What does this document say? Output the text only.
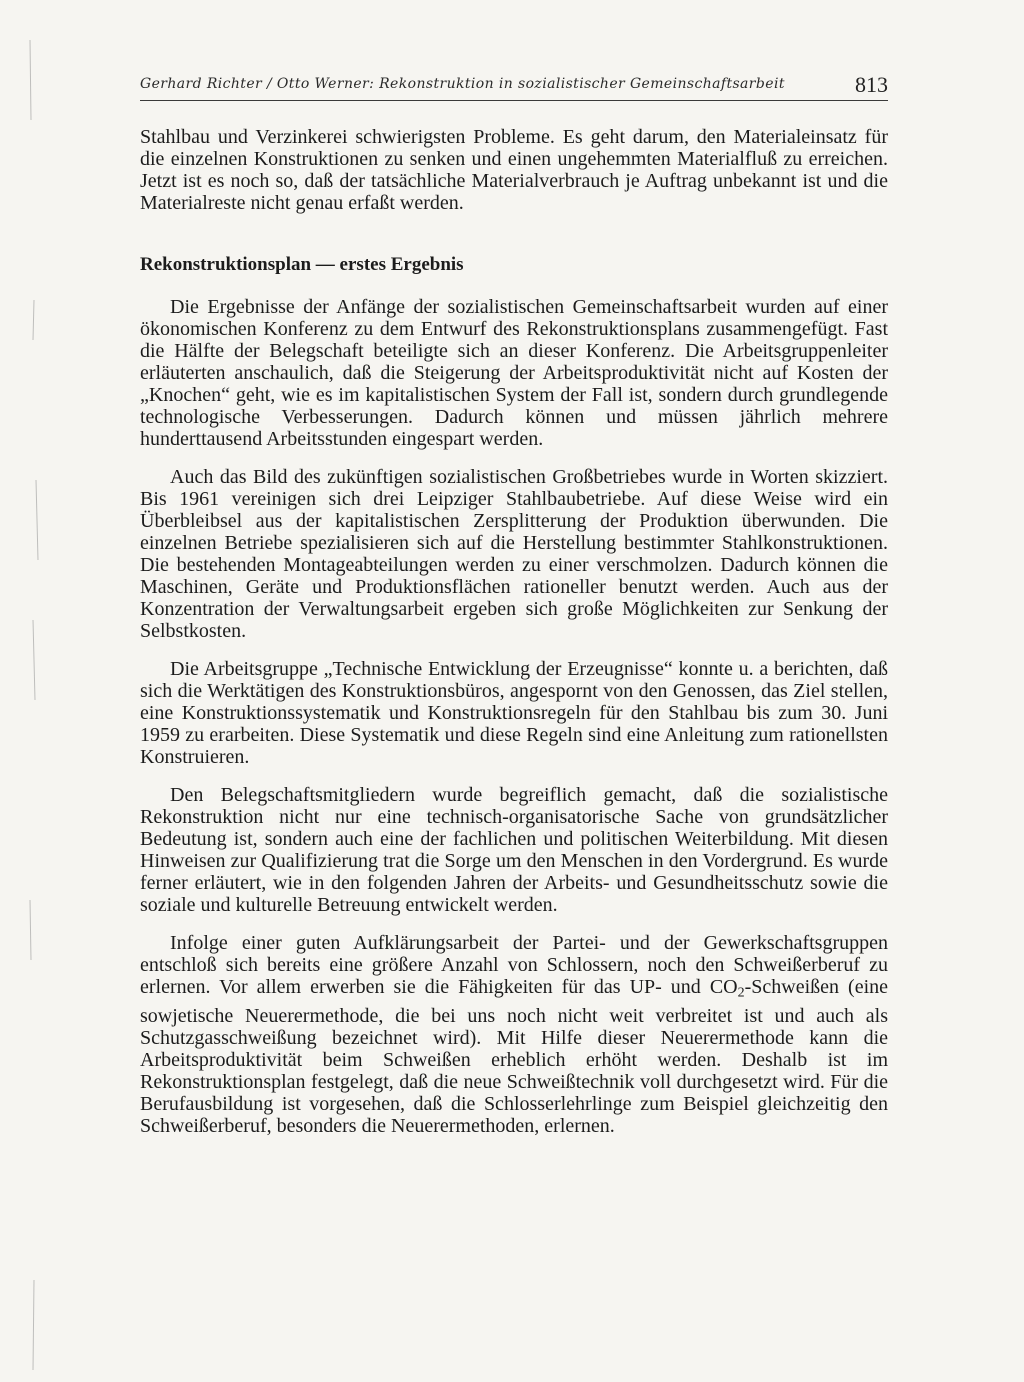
Gerhard Richter / Otto Werner: Rekonstruktion in sozialistischer Gemeinschaftsarbeit	813

Stahlbau und Verzinkerei schwierigsten Probleme. Es geht darum, den Materialeinsatz für die einzelnen Konstruktionen zu senken und einen ungehemmten Materialfluß zu erreichen. Jetzt ist es noch so, daß der tatsächliche Materialverbrauch je Auftrag unbekannt ist und die Materialreste nicht genau erfaßt werden.

Rekonstruktionsplan — erstes Ergebnis

Die Ergebnisse der Anfänge der sozialistischen Gemeinschaftsarbeit wurden auf einer ökonomischen Konferenz zu dem Entwurf des Rekonstruktionsplans zusammengefügt. Fast die Hälfte der Belegschaft beteiligte sich an dieser Konferenz. Die Arbeitsgruppenleiter erläuterten anschaulich, daß die Steigerung der Arbeitsproduktivität nicht auf Kosten der „Knochen“ geht, wie es im kapitalistischen System der Fall ist, sondern durch grundlegende technologische Verbesserungen. Dadurch können und müssen jährlich mehrere hunderttausend Arbeitsstunden eingespart werden.

Auch das Bild des zukünftigen sozialistischen Großbetriebes wurde in Worten skizziert. Bis 1961 vereinigen sich drei Leipziger Stahlbaubetriebe. Auf diese Weise wird ein Überbleibsel aus der kapitalistischen Zersplitterung der Produktion überwunden. Die einzelnen Betriebe spezialisieren sich auf die Herstellung bestimmter Stahlkonstruktionen. Die bestehenden Montageabteilungen werden zu einer verschmolzen. Dadurch können die Maschinen, Geräte und Produktionsflächen rationeller benutzt werden. Auch aus der Konzentration der Verwaltungsarbeit ergeben sich große Möglichkeiten zur Senkung der Selbstkosten.

Die Arbeitsgruppe „Technische Entwicklung der Erzeugnisse“ konnte u. a berichten, daß sich die Werktätigen des Konstruktionsbüros, angespornt von den Genossen, das Ziel stellen, eine Konstruktionssystematik und Konstruktionsregeln für den Stahlbau bis zum 30. Juni 1959 zu erarbeiten. Diese Systematik und diese Regeln sind eine Anleitung zum rationellsten Konstruieren.

Den Belegschaftsmitgliedern wurde begreiflich gemacht, daß die sozialistische Rekonstruktion nicht nur eine technisch-organisatorische Sache von grundsätzlicher Bedeutung ist, sondern auch eine der fachlichen und politischen Weiterbildung. Mit diesen Hinweisen zur Qualifizierung trat die Sorge um den Menschen in den Vordergrund. Es wurde ferner erläutert, wie in den folgenden Jahren der Arbeits- und Gesundheitsschutz sowie die soziale und kulturelle Betreuung entwickelt werden.

Infolge einer guten Aufklärungsarbeit der Partei- und der Gewerkschaftsgruppen entschloß sich bereits eine größere Anzahl von Schlossern, noch den Schweißerberuf zu erlernen. Vor allem erwerben sie die Fähigkeiten für das UP- und $CO_2$-Schweißen (eine sowjetische Neuerermethode, die bei uns noch nicht weit verbreitet ist und auch als Schutzgasschweißung bezeichnet wird). Mit Hilfe dieser Neuerermethode kann die Arbeitsproduktivität beim Schweißen erheblich erhöht werden. Deshalb ist im Rekonstruktionsplan festgelegt, daß die neue Schweißtechnik voll durchgesetzt wird. Für die Berufausbildung ist vorgesehen, daß die Schlosserlehrlinge zum Beispiel gleichzeitig den Schweißerberuf, besonders die Neuerermethoden, erlernen.
